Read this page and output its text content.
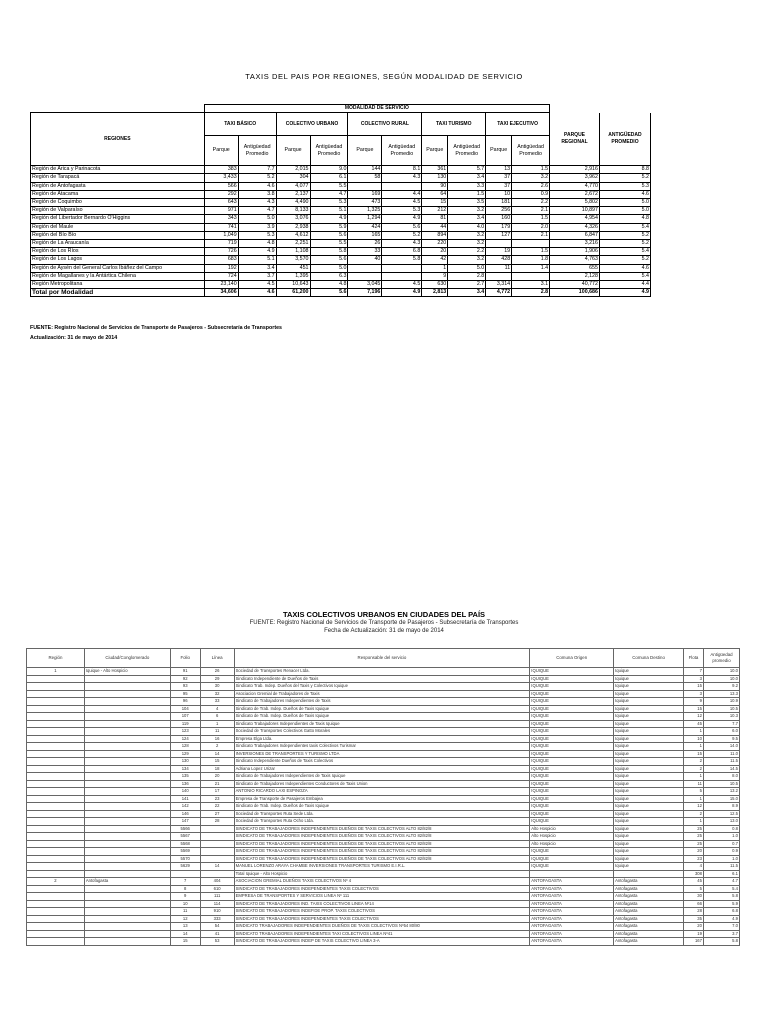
TAXIS DEL PAIS POR REGIONES, SEGÚN MODALIDAD DE SERVICIO
	MODALIDAD DE SERVICIO											
REGIONES	TAXI BÁSICO		COLECTIVO URBANO		COLECTIVO RURAL		TAXI TURISMO		TAXI EJECUTIVO		PARQUE REGIONAL	ANTIGÜEDAD PROMEDIO
	Parque	Antigüedad Promedio	Parque	Antigüedad Promedio	Parque	Antigüedad Promedio	Parque	Antigüedad Promedio	Parque	Antigüedad Promedio		
Región de Arica y Parinacota	383	7.7	2,015	9.0	144	8.1	361	5.7	13	1.5	2,916	8.8
Región de Tarapacá	3,433	5.2	304	6.1	58	4.3	130	3.4	37	3.2	3,962	5.2
Región de Antofagasta	566	4.6	4,077	5.5			90	3.3	37	2.6	4,770	5.3
Región de Atacama	292	3.8	2,137	4.7	169	4.4	64	1.5	10	0.9	2,672	4.6
Región de Coquimbo	643	4.3	4,490	5.3	473	4.5	15	3.5	181	2.2	5,802	5.0
Región de Valparaíso	971	4.7	8,133	5.1	1,325	5.3	212	3.2	256	2.1	10,897	5.0
Región del Libertador Bernardo O'Higgins	343	5.0	3,076	4.9	1,294	4.9	81	3.4	160	1.5	4,954	4.8
Región del Maule	741	3.9	2,938	5.9	424	5.6	44	4.0	179	2.0	4,326	5.4
Región del Bío Bío	1,049	5.3	4,612	5.6	165	5.2	894	3.2	127	2.1	6,847	5.2
Región de La Araucanía	719	4.8	2,251	5.5	26	4.3	220	3.2			3,216	5.2
Región de Los Ríos	726	4.9	1,108	5.8	33	6.8	20	2.2	19	1.5	1,906	5.4
Región de Los Lagos	683	5.1	3,570	5.6	40	5.8	42	3.2	428	1.8	4,763	5.2
Región de Aysén del General Carlos Ibáñez del Campo	192	3.4	451	5.0			1	5.0	11	1.4	655	4.6
Región de Magallanes y la Antártica Chilena	724	3.7	1,395	6.3			9	2.8			2,128	5.4
Región Metropolitana	23,140	4.5	10,643	4.8	3,045	4.5	630	2.7	3,314	3.1	40,772	4.4
Total por Modalidad	34,606	4.6	61,200	5.6	7,196	4.9	2,813	3.4	4,772	2.8	100,686	4.9
FUENTE: Registro Nacional de Servicios de Transporte de Pasajeros - Subsecretaría de Transportes
Actualización: 31 de mayo de 2014
TAXIS COLECTIVOS URBANOS EN CIUDADES DEL PAÍS
FUENTE: Registro Nacional de Servicios de Transporte de Pasajeros - Subsecretaría de Transportes
Fecha de Actualización: 31 de mayo de 2014
Región	Ciudad/Conglomerado	Folio	Línea	Responsable del servicio	Comuna Origen	Comuna Destino	Flota	Antigüedad promedio
1	Iquique - Alto Hospicio	91	26	Sociedad de Transportes Renacer Ltda.	IQUIQUE	Iquique	7	10.0
		92	29	Sindicato Independiente de Dueños de Taxis	IQUIQUE	Iquique	3	10.0
		93	30	Sindicato Trab. Indep. Dueños del Taxis y Colectivos Iquique	IQUIQUE	Iquique	15	9.2
		95	32	Asociacion Gremial de Trabajadores de Taxis	IQUIQUE	Iquique	3	13.3
		96	33	Sindicato de Trabajadores Independientes de Taxis	IQUIQUE	Iquique	9	10.9
		104	4	Sindicato de Trab. Indep. Dueños de Taxis Iquique	IQUIQUE	Iquique	15	10.5
		107	6	Sindicato de Trab. Indep. Dueños de Taxis Iquique	IQUIQUE	Iquique	12	10.3
		119	1	Sindicato Trabajadores Independientes de Taxis Iquique	IQUIQUE	Iquique	45	7.7
		123	11	Sociedad de Transportes Colectivos Gatto Morales	IQUIQUE	Iquique	1	6.0
		124	16	Empresa Elga Ltda.	IQUIQUE	Iquique	10	9.5
		128	2	Sindicato Trabajadores Independientes taxis Colectivos Turismar	IQUIQUE	Iquique	1	14.0
		129	14	INVERSIONES DE TRANSPORTES Y TURISMO LTDA	IQUIQUE	Iquique	15	11.0
		130	15	Sindicato Independiente Dueños de Taxis Colectivos	IQUIQUE	Iquique	2	11.5
		134	18	Adriana Lopez Urizar	IQUIQUE	Iquique	2	14.5
		135	20	Sindicato de Trabajadores Independientes de Taxis Iquique	IQUIQUE	Iquique	1	8.0
		136	21	Sindicato de Trabajadores Independientes Conductores de Taxis Union	IQUIQUE	Iquique	11	10.5
		140	17	ANTONIO RICARDO LAXI ESPINOZA	IQUIQUE	Iquique	5	13.2
		141	23	Empresa de Transporte de Pasajeros Embajea	IQUIQUE	Iquique	1	15.0
		142	22	Sindicato de Trab. Indep. Dueños de Taxis Iquique	IQUIQUE	Iquique	12	8.9
		146	27	Sociedad de Transportes Ruta Sede Ltda.	IQUIQUE	Iquique	2	12.5
		147	28	Sociedad de Transportes Ruta Ocho Ltda.	IQUIQUE	Iquique	1	13.0
		5566		SINDICATO DE TRABAJADORES INDEPENDIENTES DUEÑOS DE TAXIS COLECTIVOS ALTO 82/82/8	Alto Hospicio	Iquique	25	0.8
		5567		SINDICATO DE TRABAJADORES INDEPENDIENTES DUEÑOS DE TAXIS COLECTIVOS ALTO 82/82/8	Alto Hospicio	Iquique	25	1.0
		5568		SINDICATO DE TRABAJADORES INDEPENDIENTES DUEÑOS DE TAXIS COLECTIVOS ALTO 82/82/8	Alto Hospicio	Iquique	25	0.7
		5569		SINDICATO DE TRABAJADORES INDEPENDIENTES DUEÑOS DE TAXIS COLECTIVOS ALTO 82/82/8	IQUIQUE	Iquique	20	0.9
		5570		SINDICATO DE TRABAJADORES INDEPENDIENTES DUEÑOS DE TAXIS COLECTIVOS ALTO 82/82/8	IQUIQUE	Iquique	23	1.0
		5629	14	MANUEL LORENZO ARAYA CHAMBE INVERSIONES TRANSPORTES TURISMO E.I.R.L.	IQUIQUE	Iquique	4	11.5
				Total Iquique - Alto Hospicio			308	6.1
2	Antofagasta	7	404	ASOCIACION GREMIAL DUEÑOS TAXIS COLECTIVOS Nº 4	ANTOFAGASTA	Antofagasta	45	4.7
		8	610	SINDICATO DE TRABAJADORES INDEPENDIENTES TAXIS COLECTIVOS	ANTOFAGASTA	Antofagasta	5	5.4
		9	111	EMPRESA DE TRANSPORTES Y SERVICIOS LINEA Nº 111	ANTOFAGASTA	Antofagasta	30	5.8
		10	114	SINDICATO DE TRABAJADORES IND. TAXIS COLECTIVOS LINEA Nº14	ANTOFAGASTA	Antofagasta	66	5.9
		11	910	SINDICATO DE TRABAJADORES INDEP.DE PROP. TAXIS COLECTIVOS	ANTOFAGASTA	Antofagasta	28	6.8
		12	333	SINDICATO DE TRABAJADORES INDEPENDIENTES TAXIS COLECTIVOS	ANTOFAGASTA	Antofagasta	35	4.9
		13	54	SINDICATO TRABAJADORES INDEPENDIENTES DUEÑOS DE TAXIS COLECTIVOS Nº54 80/80	ANTOFAGASTA	Antofagasta	20	7.0
		14	41	SINDICATO TRABAJADORES INDEPENDIENTES TAXI COLECTIVOS LINEA Nº41	ANTOFAGASTA	Antofagasta	19	3.7
		15	53	SINDICATO DE TRABAJADORES INDEP DE TAXIS COLECTIVO LINEA 3-A	ANTOFAGASTA	Antofagasta	167	5.8
